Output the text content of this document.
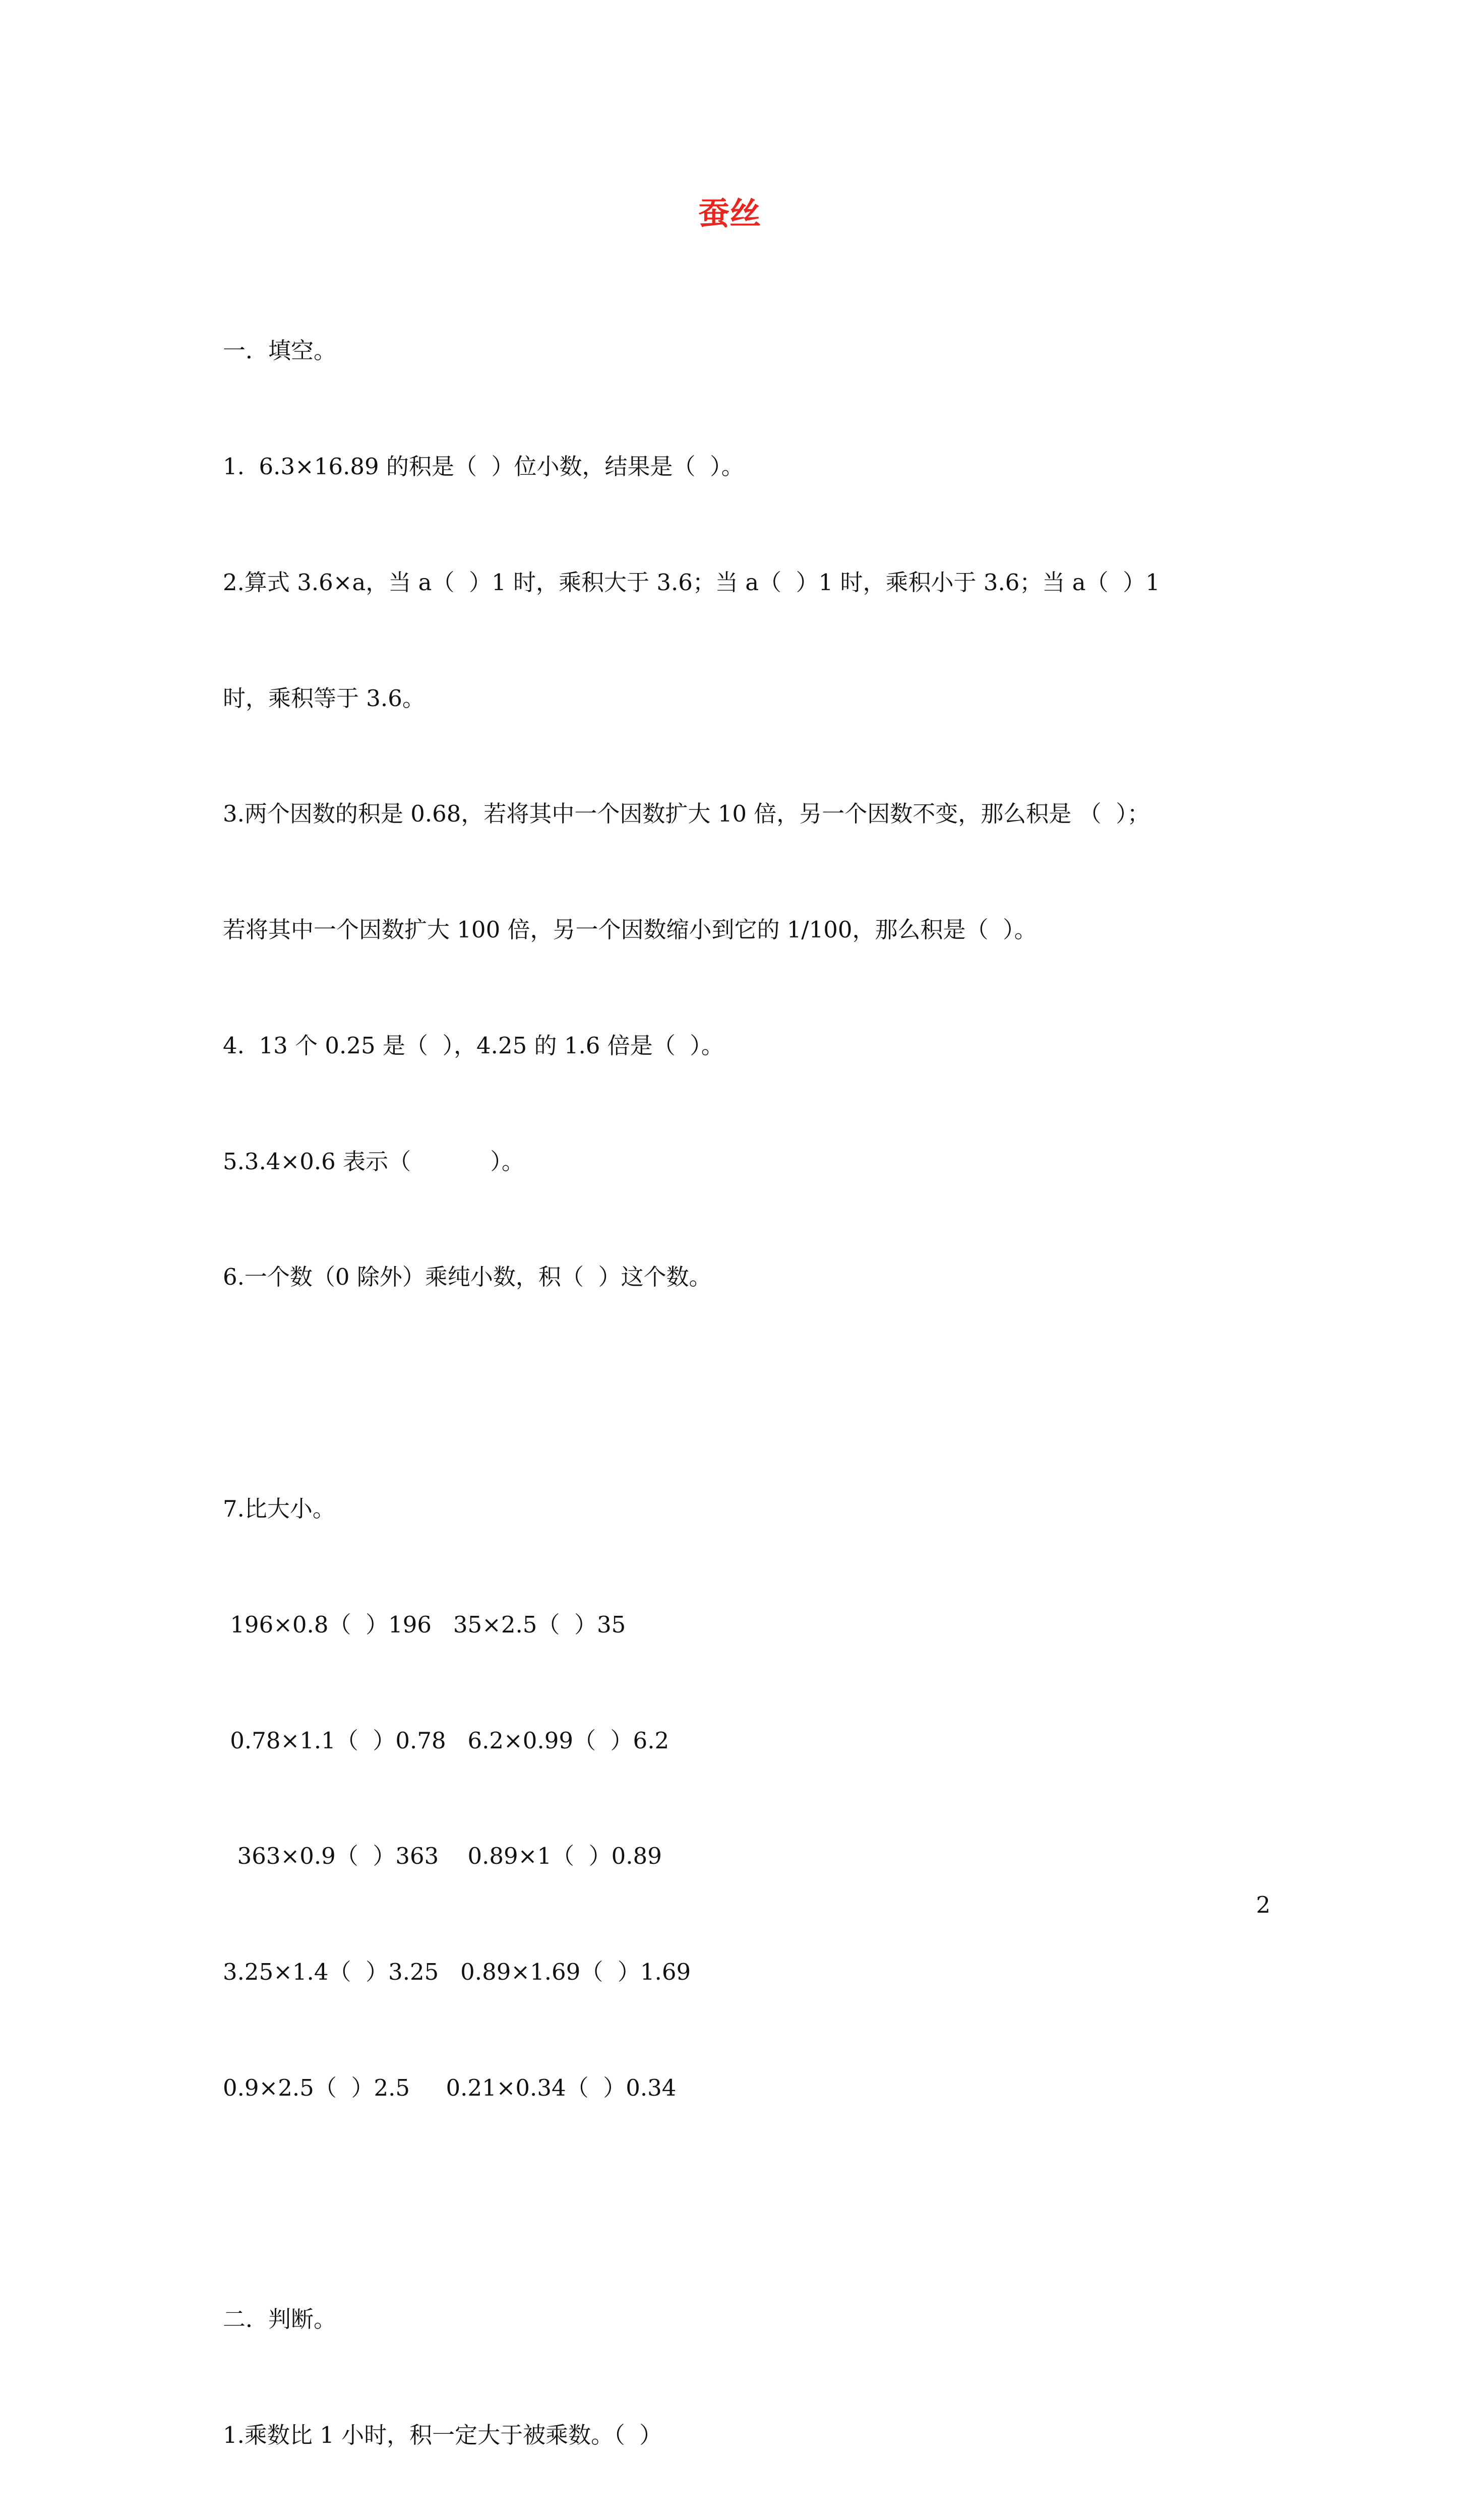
蚕丝

一．填空。

1.  6.3×16.89 的积是（  ）位小数，结果是（  ）。

2.算式 3.6×a，当 a（  ）1 时，乘积大于 3.6；当 a（  ）1 时，乘积小于 3.6；当 a（  ）1

时，乘积等于 3.6。

3.两个因数的积是 0.68，若将其中一个因数扩大 10 倍，另一个因数不变，那么积是 （  ）；

若将其中一个因数扩大 100 倍，另一个因数缩小到它的 1/100，那么积是（  ）。

4.  13 个 0.25 是（  ），4.25 的 1.6 倍是（  ）。

5.3.4×0.6 表示（           ）。

6.一个数（0 除外）乘纯小数，积（  ）这个数。

7.比大小。

196×0.8（  ）196   35×2.5（  ）35

0.78×1.1（  ）0.78   6.2×0.99（  ）6.2

363×0.9（  ）363    0.89×1（  ）0.89

3.25×1.4（  ）3.25   0.89×1.69（  ）1.69

0.9×2.5（  ）2.5     0.21×0.34（  ）0.34

二．判断。

1.乘数比 1 小时，积一定大于被乘数。（  ）

2
